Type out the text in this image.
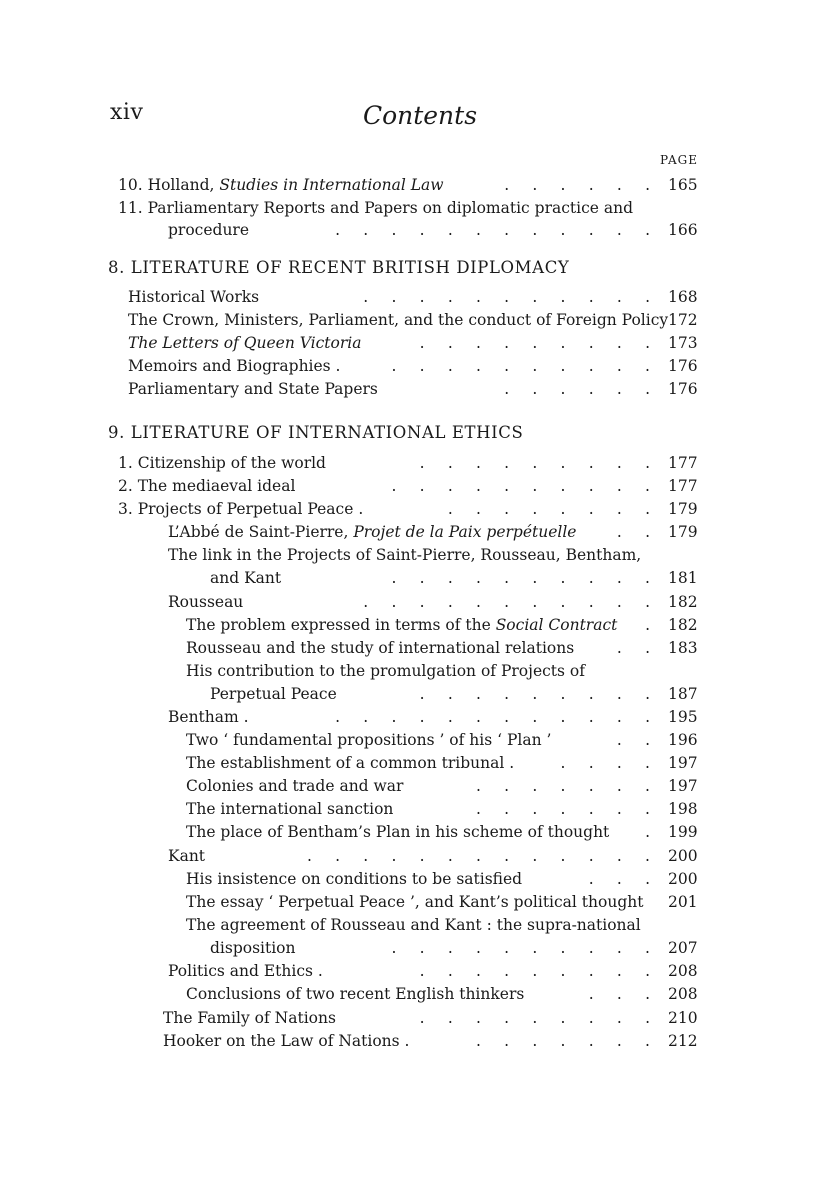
xiv	Contents
PAGE
10. Holland, Studies in International Law	.  .  .  .  .  . 165
11. Parliamentary Reports and Papers on diplomatic practice and
procedure	.  .  .  .  .  .  .  .  .  .  .  . 166
8. LITERATURE OF RECENT BRITISH DIPLOMACY
Historical Works	.  .  .  .  .  .  .  .  .  .  . 168
The Crown, Ministers, Parliament, and the conduct of Foreign Policy 172
The Letters of Queen Victoria	.  .  .  .  .  .  .  .  . 173
Memoirs and Biographies .	.  .  .  .  .  .  .  .  .  . 176
Parliamentary and State Papers	.  .  .  .  .  . 176
9. LITERATURE OF INTERNATIONAL ETHICS
1. Citizenship of the world	.  .  .  .  .  .  .  .  . 177
2. The mediaeval ideal	.  .  .  .  .  .  .  .  .  . 177
3. Projects of Perpetual Peace .	.  .  .  .  .  .  .  . 179
L’Abbé de Saint-Pierre, Projet de la Paix perpétuelle	.  . 179
The link in the Projects of Saint-Pierre, Rousseau, Bentham,
and Kant	.  .  .  .  .  .  .  .  .  . 181
Rousseau	.  .  .  .  .  .  .  .  .  .  . 182
The problem expressed in terms of the Social Contract	. 182
Rousseau and the study of international relations	.  . 183
His contribution to the promulgation of Projects of
Perpetual Peace	.  .  .  .  .  .  .  .  . 187
Bentham .	.  .  .  .  .  .  .  .  .  .  .  . 195
Two ‘ fundamental propositions ’ of his ‘ Plan ’	.  . 196
The establishment of a common tribunal .	.  .  .  . 197
Colonies and trade and war	.  .  .  .  .  .  . 197
The international sanction	.  .  .  .  .  .  . 198
The place of Bentham’s Plan in his scheme of thought	. 199
Kant	.  .  .  .  .  .  .  .  .  .  .  .  . 200
His insistence on conditions to be satisfied	.  .  . 200
The essay ‘ Perpetual Peace ’, and Kant’s political thought 201
The agreement of Rousseau and Kant : the supra-national
disposition	.  .  .  .  .  .  .  .  .  . 207
Politics and Ethics .	.  .  .  .  .  .  .  .  . 208
Conclusions of two recent English thinkers	.  .  . 208
The Family of Nations	.  .  .  .  .  .  .  .  . 210
Hooker on the Law of Nations .	.  .  .  .  .  .  . 212
